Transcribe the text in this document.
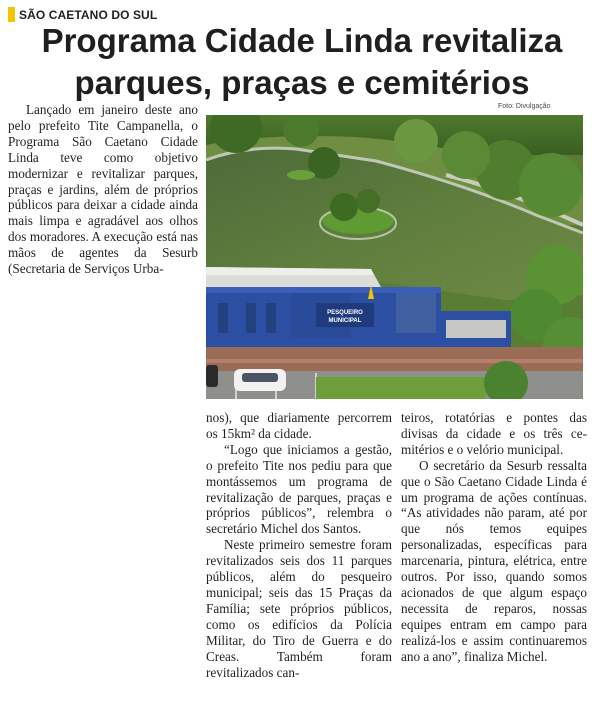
SÃO CAETANO DO SUL
Programa Cidade Linda revitaliza
parques, praças e cemitérios

Lançado em janeiro deste ano pelo prefeito Tite Campanella, o Programa São Caetano Cidade Linda teve como objetivo modernizar e revitalizar parques, praças e jardins, além de próprios públicos para deixar a cidade ainda mais limpa e agradável aos olhos dos moradores. A execução está nas mãos de agentes da Sesurb (Secretaria de Serviços Urba-

Foto: Divulgação
PESQUEIRO
MUNICIPAL

nos), que diariamente percorrem os 15km² da cidade.

“Logo que iniciamos a gestão, o prefeito Tite nos pediu para que montássemos um programa de revitalização de parques, praças e próprios públicos”, relembra o secretário Michel dos Santos.

Neste primeiro semestre foram revitalizados seis dos 11 parques públicos, além do pesqueiro municipal; seis das 15 Praças da Família; sete próprios públicos, como os edifícios da Polícia Militar, do Tiro de Guerra e do Creas. Também foram revitalizados can-

teiros, rotatórias e pontes das divisas da cidade e os três cemitérios e o velório municipal.

O secretário da Sesurb ressalta que o São Caetano Cidade Linda é um programa de ações contínuas. “As atividades não param, até por que nós temos equipes personalizadas, específicas para marcenaria, pintura, elétrica, entre outros. Por isso, quando somos acionados de que algum espaço necessita de reparos, nossas equipes entram em campo para realizá-los e assim continuaremos ano a ano”, finaliza Michel.
